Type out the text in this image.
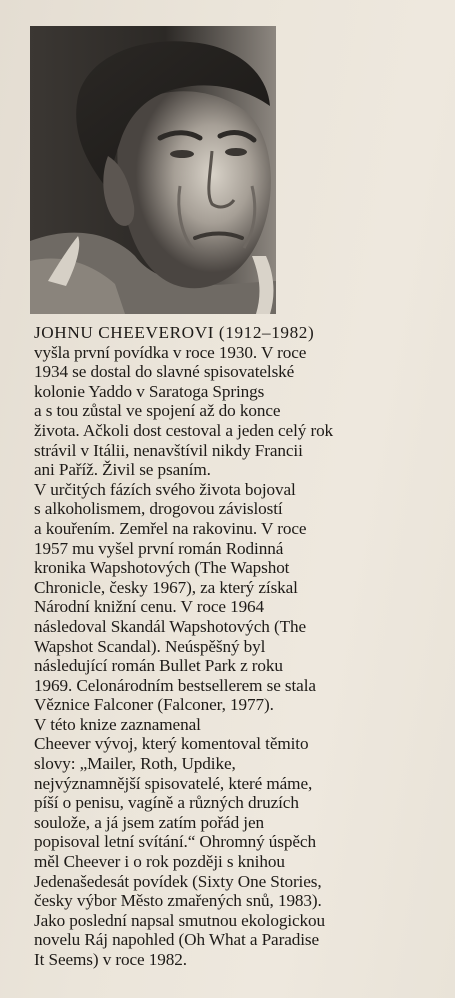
JOHNU CHEEVEROVI (1912–1982)
vyšla první povídka v roce 1930. V roce
1934 se dostal do slavné spisovatelské
kolonie Yaddo v Saratoga Springs
a s tou zůstal ve spojení až do konce
života. Ačkoli dost cestoval a jeden celý rok
strávil v Itálii, nenavštívil nikdy Francii
ani Paříž. Živil se psaním.
V určitých fázích svého života bojoval
s alkoholismem, drogovou závislostí
a kouřením. Zemřel na rakovinu. V roce
1957 mu vyšel první román Rodinná
kronika Wapshotových (The Wapshot
Chronicle, česky 1967), za který získal
Národní knižní cenu. V roce 1964
následoval Skandál Wapshotových (The
Wapshot Scandal). Neúspěšný byl
následující román Bullet Park z roku
1969. Celonárodním bestsellerem se stala
Věznice Falconer (Falconer, 1977).
V této knize zaznamenal
Cheever vývoj, který komentoval těmito
slovy: „Mailer, Roth, Updike,
nejvýznamnější spisovatelé, které máme,
píší o penisu, vagíně a různých druzích
soulože, a já jsem zatím pořád jen
popisoval letní svítání.“ Ohromný úspěch
měl Cheever i o rok později s knihou
Jedenašedesát povídek (Sixty One Stories,
česky výbor Město zmařených snů, 1983).
Jako poslední napsal smutnou ekologickou
novelu Ráj napohled (Oh What a Paradise
It Seems) v roce 1982.
